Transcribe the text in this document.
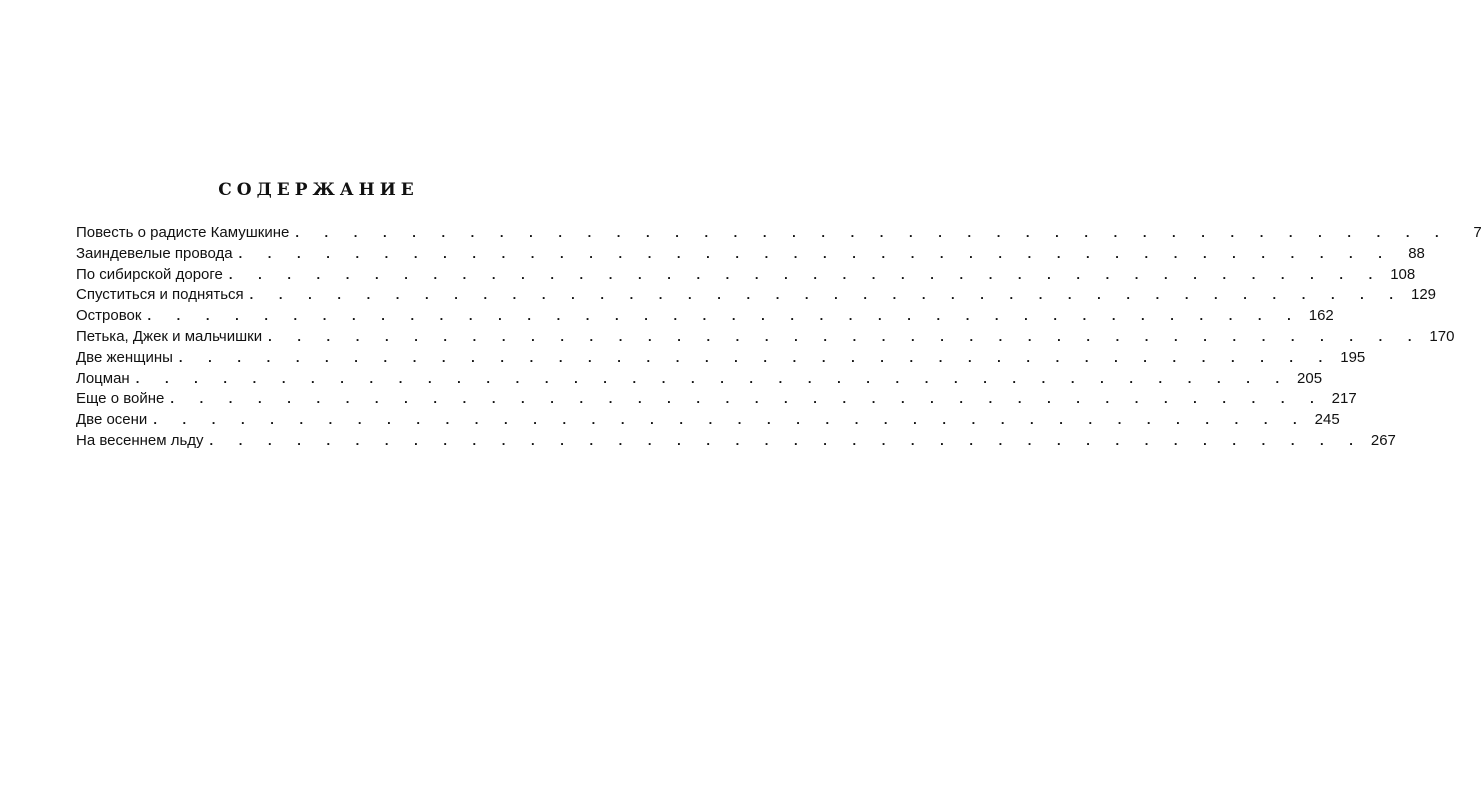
СОДЕРЖАНИЕ
Повесть о радисте Камушкине . . . . . . . . . . . . . . . . . . . . . . . . . . . . . . . . . . . . . . . .	7
Заиндевелые провода . . . . . . . . . . . . . . . . . . . . . . . . . . . . . . . . . . . . . . . .	88
По сибирской дороге . . . . . . . . . . . . . . . . . . . . . . . . . . . . . . . . . . . . . . . . 108
Спуститься и подняться . . . . . . . . . . . . . . . . . . . . . . . . . . . . . . . . . . . . . . . . 129
Островок . . . . . . . . . . . . . . . . . . . . . . . . . . . . . . . . . . . . . . . . 162
Петька, Джек и мальчишки . . . . . . . . . . . . . . . . . . . . . . . . . . . . . . . . . . . . . . . . 170
Две женщины . . . . . . . . . . . . . . . . . . . . . . . . . . . . . . . . . . . . . . . . 195
Лоцман . . . . . . . . . . . . . . . . . . . . . . . . . . . . . . . . . . . . . . . . 205
Еще о войне . . . . . . . . . . . . . . . . . . . . . . . . . . . . . . . . . . . . . . . . 217
Две осени . . . . . . . . . . . . . . . . . . . . . . . . . . . . . . . . . . . . . . . . 245
На весеннем льду . . . . . . . . . . . . . . . . . . . . . . . . . . . . . . . . . . . . . . . . 267
